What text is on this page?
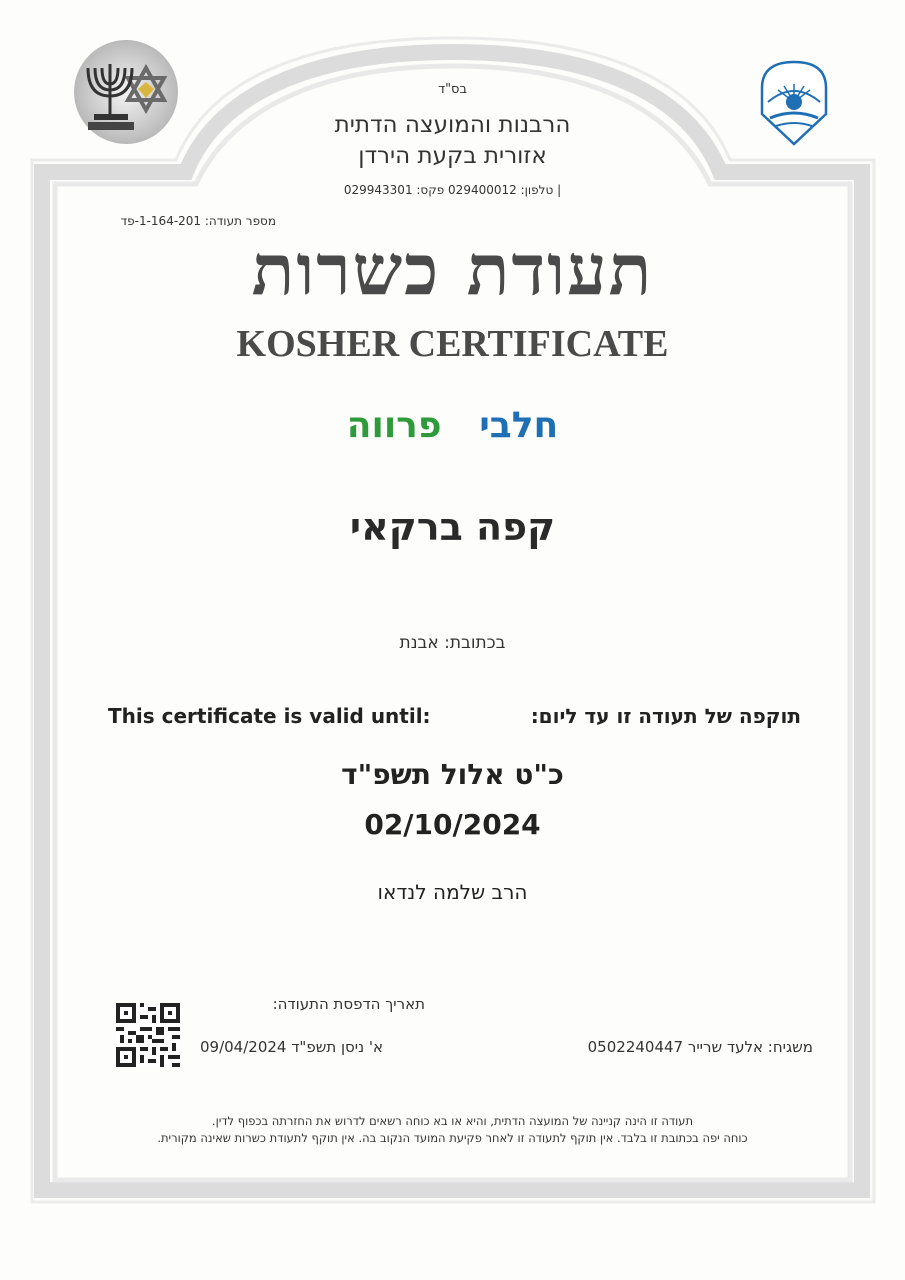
בס"ד
הרבנות והמועצה הדתית
אזורית בקעת הירדן
טלפון: 029400012 פקס: 029943301 |
מספר תעודה: 1-164-201-פד
תעודת כשרות
KOSHER CERTIFICATE
חלבי   פרווה
קפה ברקאי
בכתובת: אבנת
This certificate is valid until:	תוקפה של תעודה זו עד ליום:
כ"ט אלול תשפ"ד
02/10/2024
הרב שלמה לנדאו
תאריך הדפסת התעודה:
א' ניסן תשפ"ד 09/04/2024	משגיח: אלעד שרייר 0502240447
תעודה זו הינה קניינה של המועצה הדתית, והיא או בא כוחה רשאים לדרוש את החזרתה בכפוף לדין.
כוחה יפה בכתובת זו בלבד. אין תוקף לתעודה זו לאחר פקיעת המועד הנקוב בה. אין תוקף לתעודת כשרות שאינה מקורית.
